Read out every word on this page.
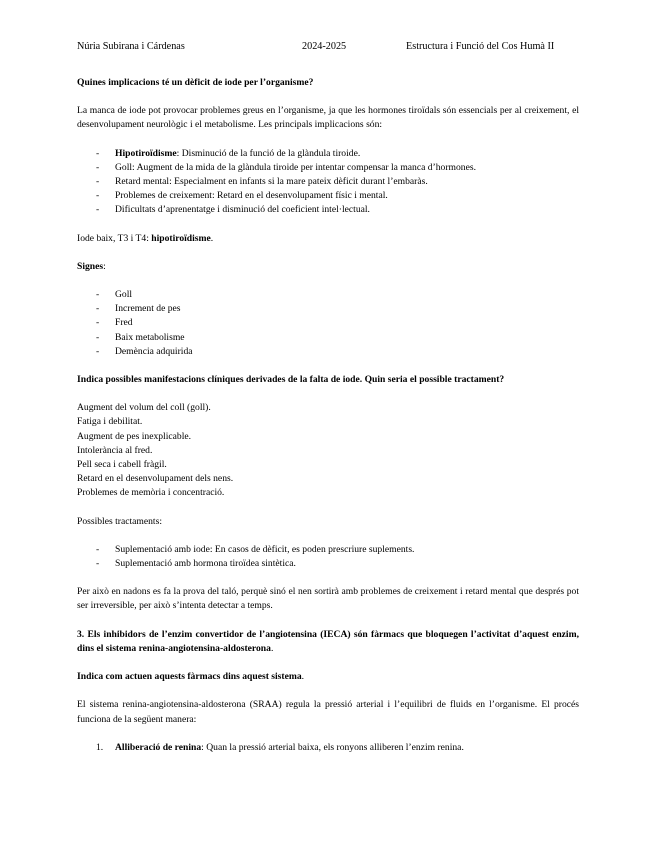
Núria Subirana i Cárdenas	2024-2025	Estructura i Funció del Cos Humà II

Quines implicacions té un dèficit de iode per l’organisme?

La manca de iode pot provocar problemes greus en l’organisme, ja que les hormones tiroïdals són essencials per al creixement, el desenvolupament neurològic i el metabolisme. Les principals implicacions són:

- Hipotiroïdisme: Disminució de la funció de la glàndula tiroide.
- Goll: Augment de la mida de la glàndula tiroide per intentar compensar la manca d’hormones.
- Retard mental: Especialment en infants si la mare pateix dèficit durant l’embaràs.
- Problemes de creixement: Retard en el desenvolupament físic i mental.
- Dificultats d’aprenentatge i disminució del coeficient intel·lectual.

Iode baix, T3 i T4: hipotiroïdisme.

Signes:

- Goll
- Increment de pes
- Fred
- Baix metabolisme
- Demència adquirida

Indica possibles manifestacions clíniques derivades de la falta de iode. Quin seria el possible tractament?

Augment del volum del coll (goll).

Fatiga i debilitat.

Augment de pes inexplicable.

Intolerància al fred.

Pell seca i cabell fràgil.

Retard en el desenvolupament dels nens.

Problemes de memòria i concentració.

Possibles tractaments:

- Suplementació amb iode: En casos de dèficit, es poden prescriure suplements.
- Suplementació amb hormona tiroïdea sintètica.

Per això en nadons es fa la prova del taló, perquè sinó el nen sortirà amb problemes de creixement i retard mental que després pot ser irreversible, per això s’intenta detectar a temps.

3. Els inhibidors de l’enzim convertidor de l’angiotensina (IECA) són fàrmacs que bloquegen l’activitat d’aquest enzim, dins el sistema renina-angiotensina-aldosterona.

Indica com actuen aquests fàrmacs dins aquest sistema.

El sistema renina-angiotensina-aldosterona (SRAA) regula la pressió arterial i l’equilibri de fluids en l’organisme. El procés funciona de la següent manera:

1. Alliberació de renina: Quan la pressió arterial baixa, els ronyons alliberen l’enzim renina.
